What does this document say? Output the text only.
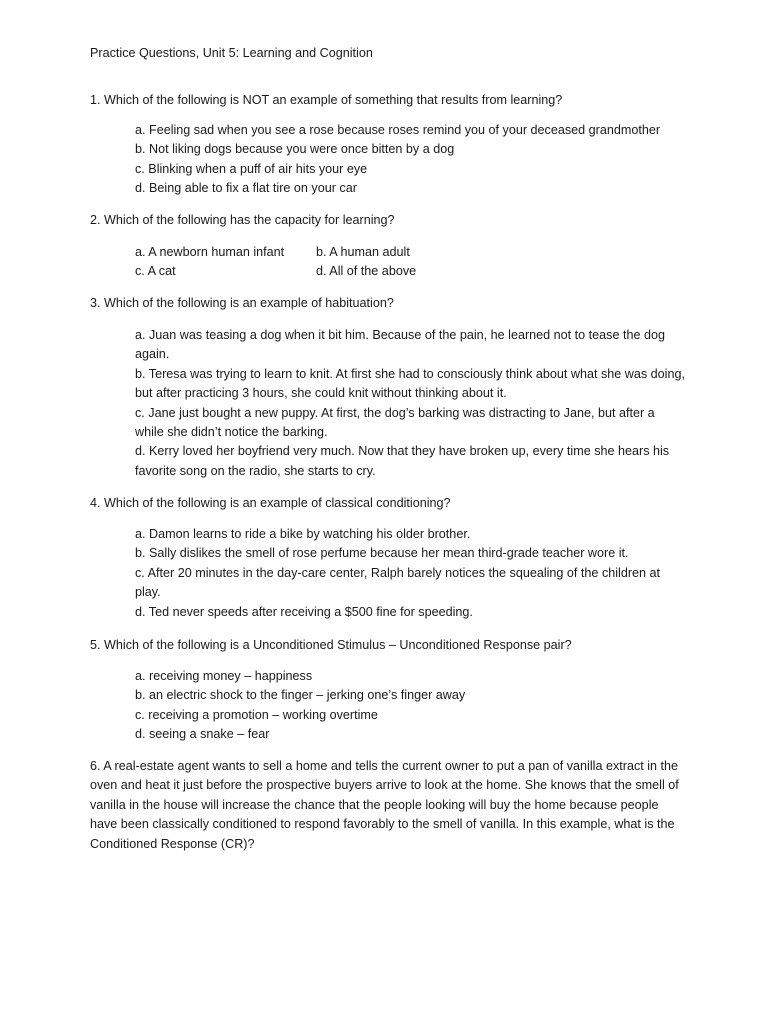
Practice Questions, Unit 5: Learning and Cognition
1. Which of the following is NOT an example of something that results from learning?
a. Feeling sad when you see a rose because roses remind you of your deceased grandmother
b. Not liking dogs because you were once bitten by a dog
c. Blinking when a puff of air hits your eye
d. Being able to fix a flat tire on your car
2. Which of the following has the capacity for learning?
a. A newborn human infant	b. A human adult
c. A cat	d. All of the above
3. Which of the following is an example of habituation?
a. Juan was teasing a dog when it bit him. Because of the pain, he learned not to tease the dog again.
b. Teresa was trying to learn to knit. At first she had to consciously think about what she was doing, but after practicing 3 hours, she could knit without thinking about it.
c. Jane just bought a new puppy. At first, the dog’s barking was distracting to Jane, but after a while she didn’t notice the barking.
d. Kerry loved her boyfriend very much. Now that they have broken up, every time she hears his favorite song on the radio, she starts to cry.
4. Which of the following is an example of classical conditioning?
a. Damon learns to ride a bike by watching his older brother.
b. Sally dislikes the smell of rose perfume because her mean third-grade teacher wore it.
c. After 20 minutes in the day-care center, Ralph barely notices the squealing of the children at play.
d. Ted never speeds after receiving a $500 fine for speeding.
5. Which of the following is a Unconditioned Stimulus – Unconditioned Response pair?
a. receiving money – happiness
b. an electric shock to the finger – jerking one’s finger away
c. receiving a promotion – working overtime
d. seeing a snake – fear
6. A real-estate agent wants to sell a home and tells the current owner to put a pan of vanilla extract in the oven and heat it just before the prospective buyers arrive to look at the home. She knows that the smell of vanilla in the house will increase the chance that the people looking will buy the home because people have been classically conditioned to respond favorably to the smell of vanilla. In this example, what is the Conditioned Response (CR)?
